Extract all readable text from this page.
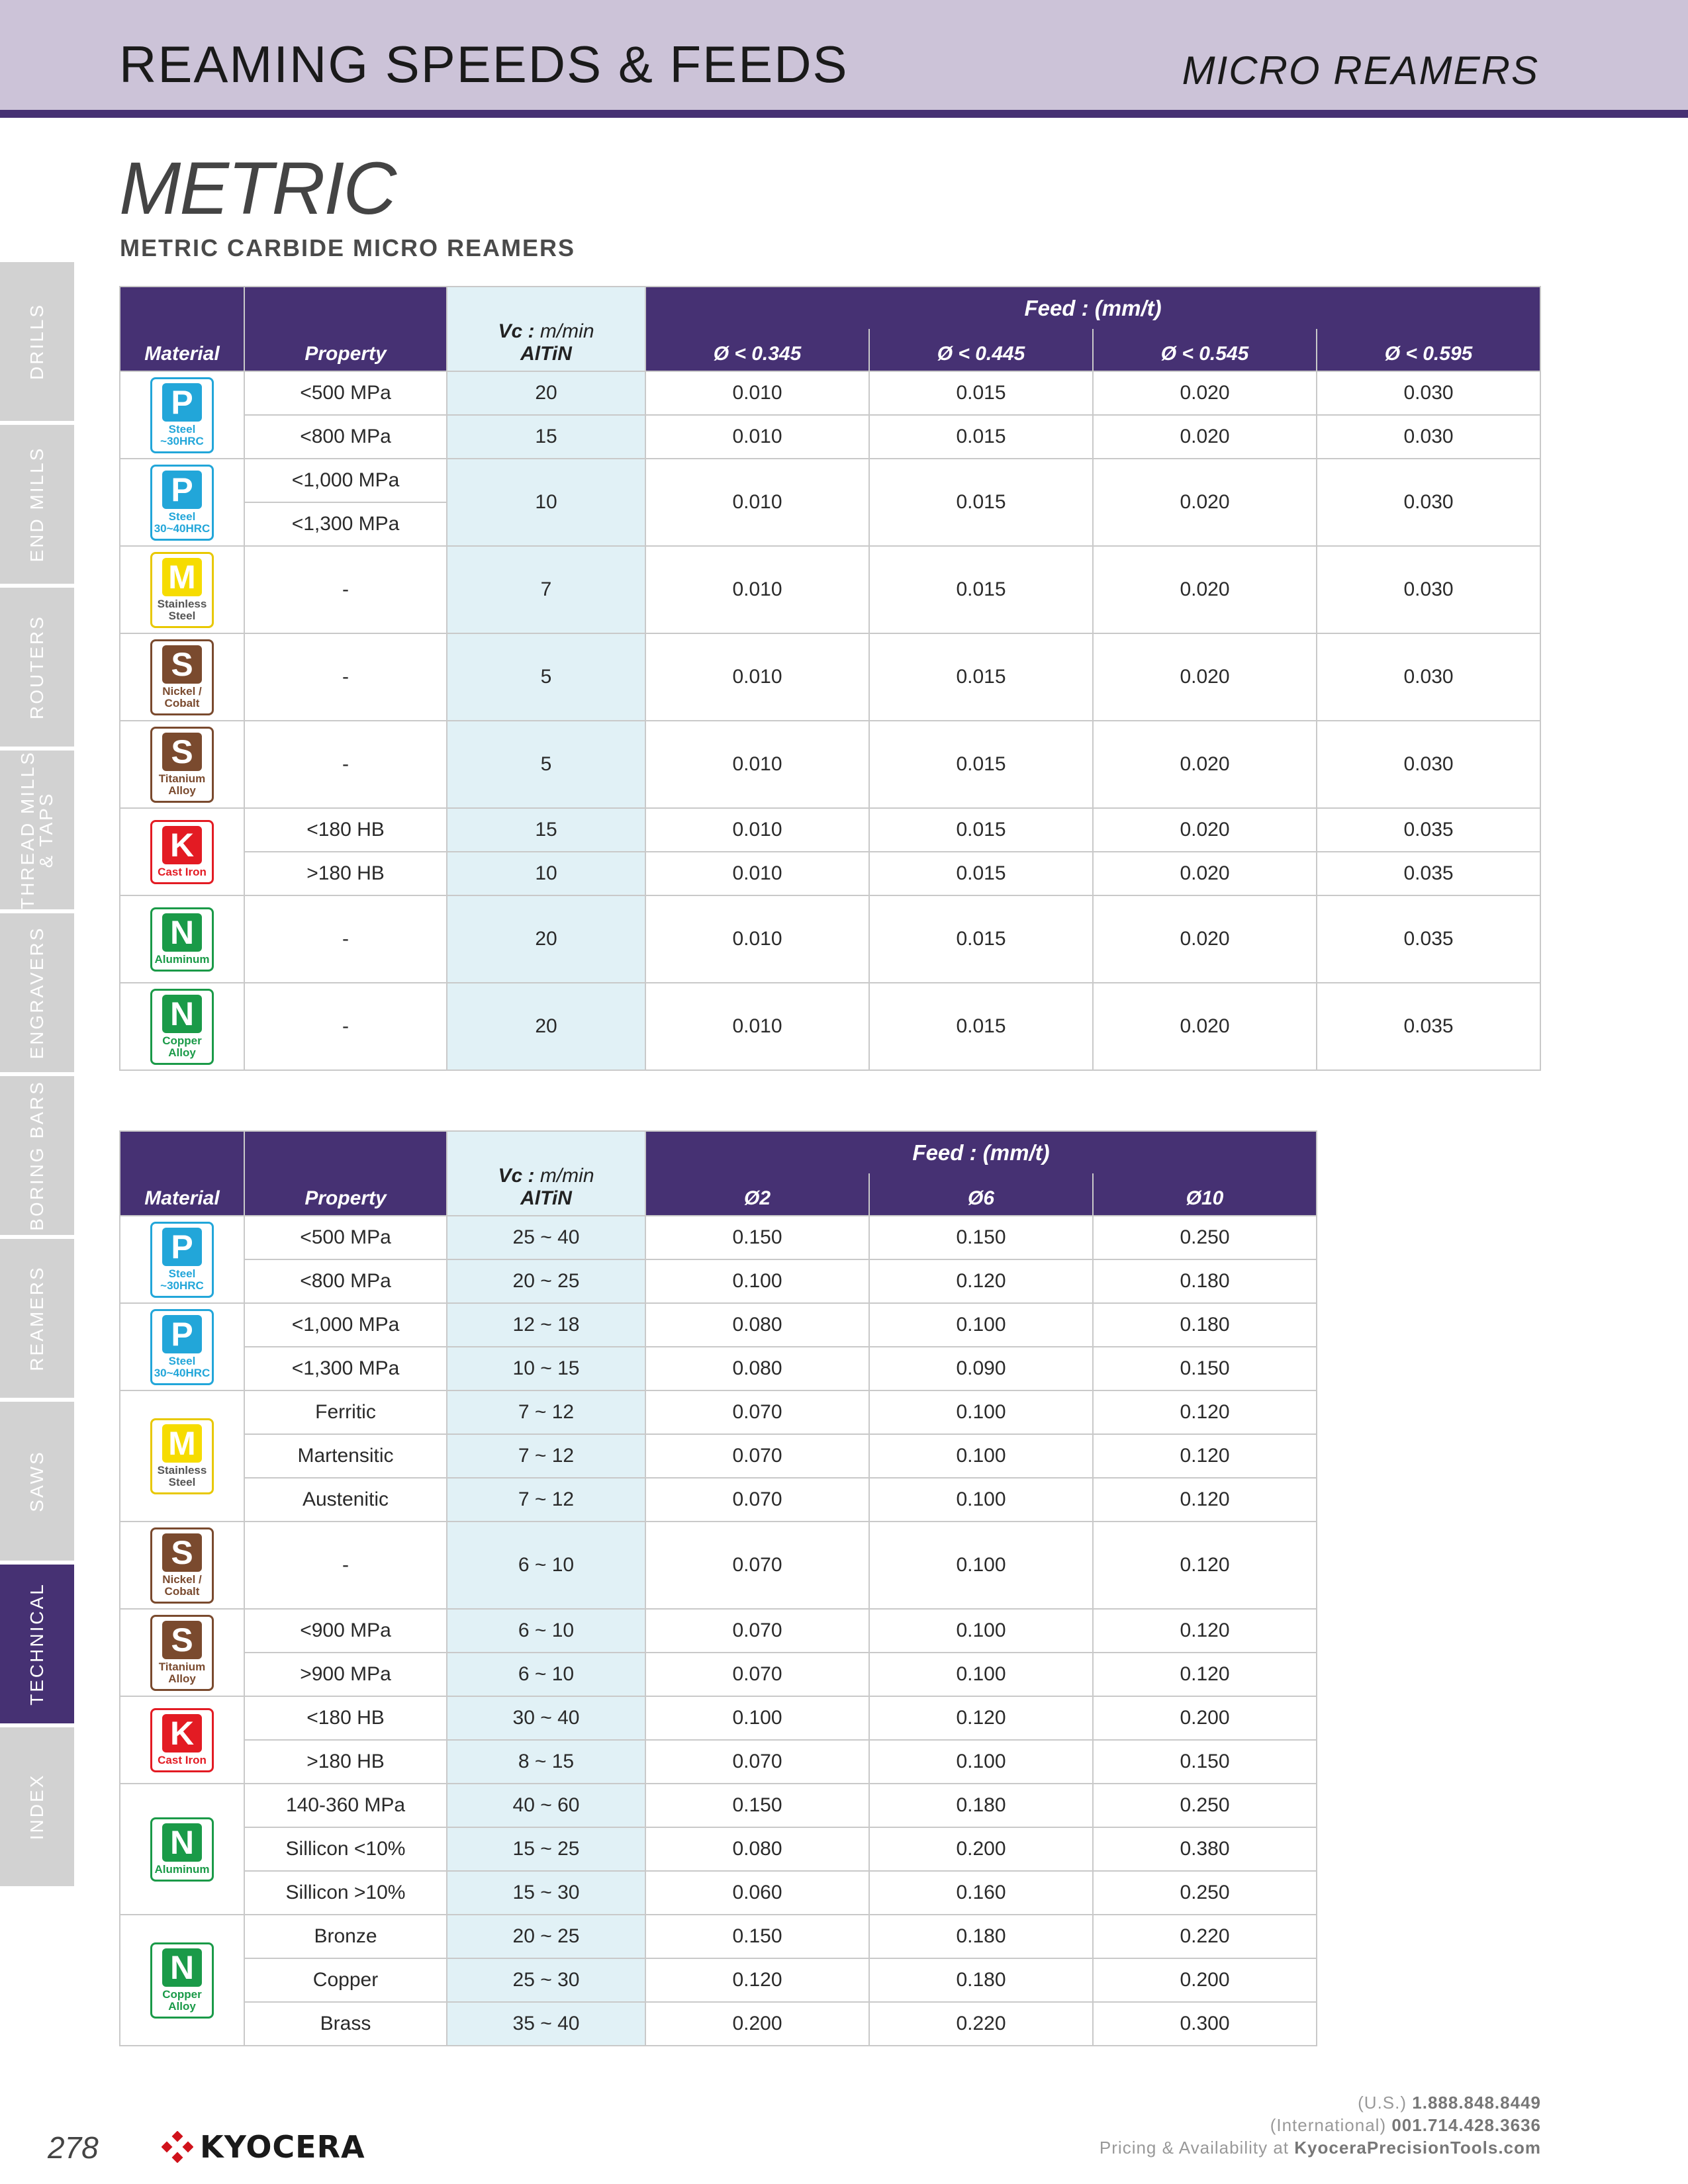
REAMING SPEEDS & FEEDS	MICRO REAMERS
METRIC
METRIC CARBIDE MICRO REAMERS
DRILLS
END MILLS
ROUTERS
THREAD MILLS
& TAPS
ENGRAVERS
BORING BARS
REAMERS
SAWS
TECHNICAL
INDEX
Material	Property	Vc : m/min
AlTiN	Feed : (mm/t)			
			Ø < 0.345	Ø < 0.445	Ø < 0.545	Ø < 0.595

P
Steel
~30HRC	<500 MPa	20	0.010	0.015	0.020	0.030
	<800 MPa	15	0.010	0.015	0.020	0.030

P
Steel
30~40HRC	<1,000 MPa	10	0.010	0.015	0.020	0.030
	<1,300 MPa					

M
Stainless
Steel	-	7	0.010	0.015	0.020	0.030

S
Nickel /
Cobalt	-	5	0.010	0.015	0.020	0.030

S
Titanium
Alloy	-	5	0.010	0.015	0.020	0.030

K
Cast Iron	<180 HB	15	0.010	0.015	0.020	0.035
	>180 HB	10	0.010	0.015	0.020	0.035

N
Aluminum	-	20	0.010	0.015	0.020	0.035

N
Copper
Alloy	-	20	0.010	0.015	0.020	0.035
Material	Property	Vc : m/min
AlTiN	Feed : (mm/t)		
			Ø2	Ø6	Ø10

P
Steel
~30HRC	<500 MPa	25 ~ 40	0.150	0.150	0.250
	<800 MPa	20 ~ 25	0.100	0.120	0.180

P
Steel
30~40HRC	<1,000 MPa	12 ~ 18	0.080	0.100	0.180
	<1,300 MPa	10 ~ 15	0.080	0.090	0.150

M
Stainless
Steel	Ferritic	7 ~ 12	0.070	0.100	0.120
	Martensitic	7 ~ 12	0.070	0.100	0.120
	Austenitic	7 ~ 12	0.070	0.100	0.120

S
Nickel /
Cobalt	-	6 ~ 10	0.070	0.100	0.120

S
Titanium
Alloy	<900 MPa	6 ~ 10	0.070	0.100	0.120
	>900 MPa	6 ~ 10	0.070	0.100	0.120

K
Cast Iron	<180 HB	30 ~ 40	0.100	0.120	0.200
	>180 HB	8 ~ 15	0.070	0.100	0.150

N
Aluminum	140-360 MPa	40 ~ 60	0.150	0.180	0.250
	Sillicon <10%	15 ~ 25	0.080	0.200	0.380
	Sillicon >10%	15 ~ 30	0.060	0.160	0.250

N
Copper
Alloy	Bronze	20 ~ 25	0.150	0.180	0.220
	Copper	25 ~ 30	0.120	0.180	0.200
	Brass	35 ~ 40	0.200	0.220	0.300
278	KYOCERA
(U.S.) 1.888.848.8449
(International) 001.714.428.3636
Pricing & Availability at KyoceraPrecisionTools.com
